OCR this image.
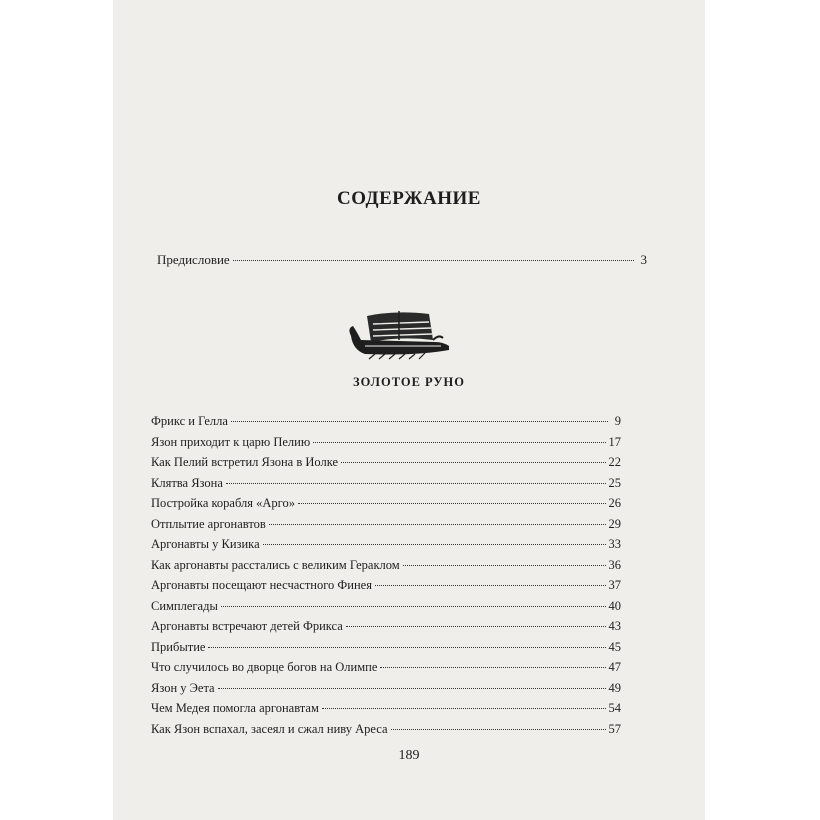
СОДЕРЖАНИЕ
Предисловие	3
ЗОЛОТОЕ РУНО
Фрикс и Гелла	9
Язон приходит к царю Пелию	17
Как Пелий встретил Язона в Иолке	22
Клятва Язона	25
Постройка корабля «Арго»	26
Отплытие аргонавтов	29
Аргонавты у Кизика	33
Как аргонавты расстались с великим Гераклом	36
Аргонавты посещают несчастного Финея	37
Симплегады	40
Аргонавты встречают детей Фрикса	43
Прибытие	45
Что случилось во дворце богов на Олимпе	47
Язон у Эета	49
Чем Медея помогла аргонавтам	54
Как Язон вспахал, засеял и сжал ниву Ареса	57
189
